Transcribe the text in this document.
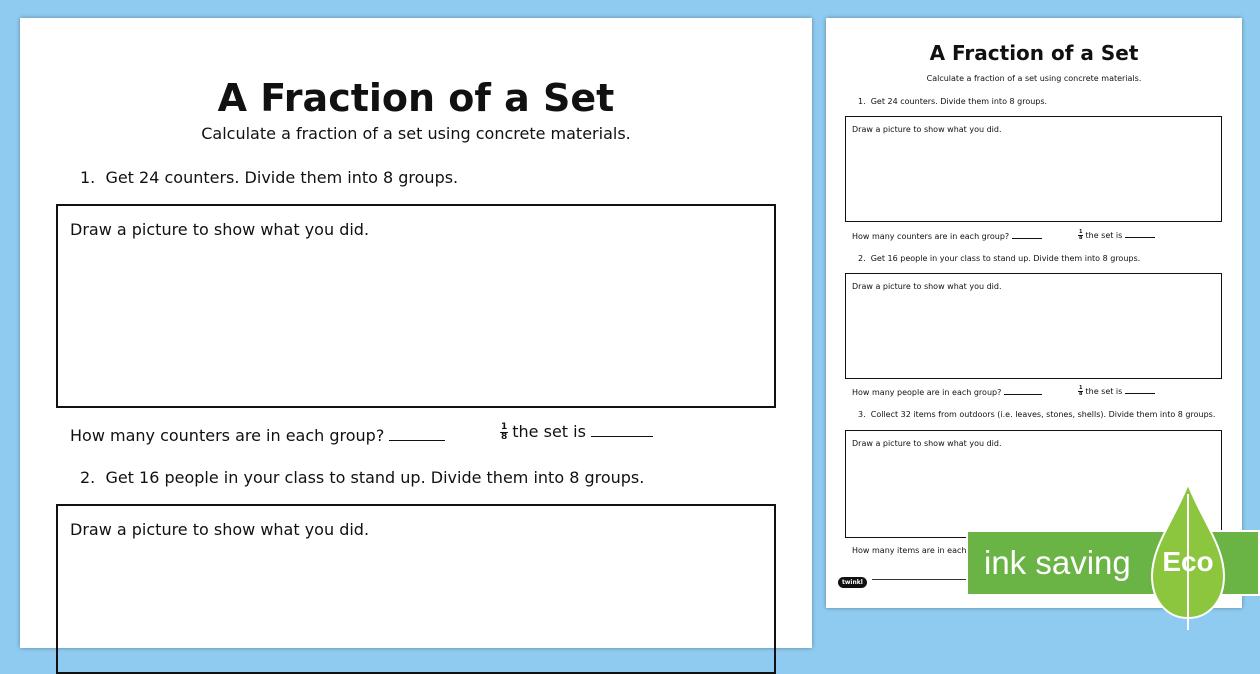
A Fraction of a Set
Calculate a fraction of a set using concrete materials.
1. Get 24 counters. Divide them into 8 groups.
Draw a picture to show what you did.
How many counters are in each group?	$\frac{1}{8}$ the set is
2. Get 16 people in your class to stand up. Divide them into 8 groups.
Draw a picture to show what you did.
A Fraction of a Set
Calculate a fraction of a set using concrete materials.
1. Get 24 counters. Divide them into 8 groups.
Draw a picture to show what you did.
How many counters are in each group?	$\frac{1}{8}$ the set is
2. Get 16 people in your class to stand up. Divide them into 8 groups.
Draw a picture to show what you did.
How many people are in each group?	$\frac{1}{8}$ the set is
3. Collect 32 items from outdoors (i.e. leaves, stones, shells). Divide them into 8 groups.
Draw a picture to show what you did.
How many items are in each
twinkl
ink saving Eco
